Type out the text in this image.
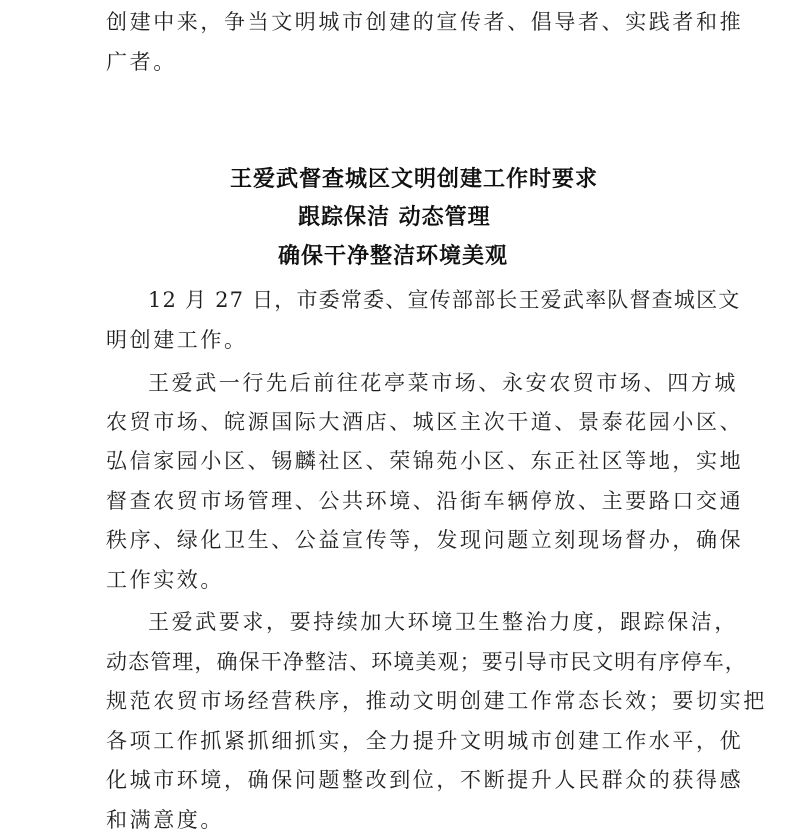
创建中来，争当文明城市创建的宣传者、倡导者、实践者和推
广者。
王爱武督查城区文明创建工作时要求
跟踪保洁 动态管理
确保干净整洁环境美观
12 月 27 日，市委常委、宣传部部长王爱武率队督查城区文
明创建工作。
王爱武一行先后前往花亭菜市场、永安农贸市场、四方城
农贸市场、皖源国际大酒店、城区主次干道、景泰花园小区、
弘信家园小区、锡麟社区、荣锦苑小区、东正社区等地，实地
督查农贸市场管理、公共环境、沿街车辆停放、主要路口交通
秩序、绿化卫生、公益宣传等，发现问题立刻现场督办，确保
工作实效。
王爱武要求，要持续加大环境卫生整治力度，跟踪保洁，
动态管理，确保干净整洁、环境美观；要引导市民文明有序停车，
规范农贸市场经营秩序，推动文明创建工作常态长效；要切实把
各项工作抓紧抓细抓实，全力提升文明城市创建工作水平，优
化城市环境，确保问题整改到位，不断提升人民群众的获得感
和满意度。
